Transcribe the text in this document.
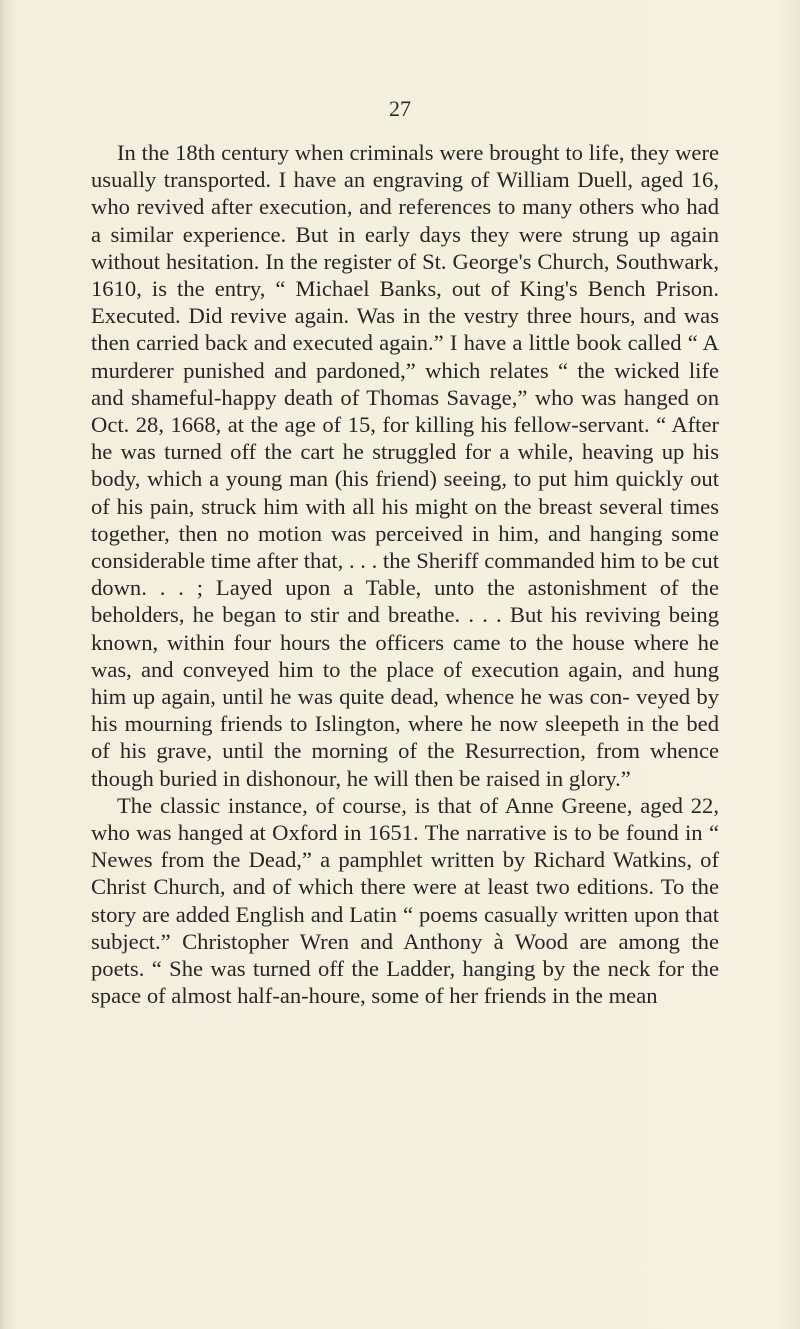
27

In the 18th century when criminals were brought to life, they were usually transported. I have an engraving of William Duell, aged 16, who revived after execution, and references to many others who had a similar experience. But in early days they were strung up again without hesitation. In the register of St. George's Church, Southwark, 1610, is the entry, “ Michael Banks, out of King's Bench Prison. Executed. Did revive again. Was in the vestry three hours, and was then carried back and executed again.” I have a little book called “ A murderer punished and pardoned,” which relates “ the wicked life and shameful-happy death of Thomas Savage,” who was hanged on Oct. 28, 1668, at the age of 15, for killing his fellow-servant. “ After he was turned off the cart he struggled for a while, heaving up his body, which a young man (his friend) seeing, to put him quickly out of his pain, struck him with all his might on the breast several times together, then no motion was perceived in him, and hanging some considerable time after that, . . . the Sheriff commanded him to be cut down. . . ; Layed upon a Table, unto the astonishment of the beholders, he began to stir and breathe. . . . But his reviving being known, within four hours the officers came to the house where he was, and conveyed him to the place of execution again, and hung him up again, until he was quite dead, whence he was con- veyed by his mourning friends to Islington, where he now sleepeth in the bed of his grave, until the morning of the Resurrection, from whence though buried in dishonour, he will then be raised in glory.”

The classic instance, of course, is that of Anne Greene, aged 22, who was hanged at Oxford in 1651. The narrative is to be found in “ Newes from the Dead,” a pamphlet written by Richard Watkins, of Christ Church, and of which there were at least two editions. To the story are added English and Latin “ poems casually written upon that subject.” Christopher Wren and Anthony à Wood are among the poets. “ She was turned off the Ladder, hanging by the neck for the space of almost half-an-houre, some of her friends in the mean
